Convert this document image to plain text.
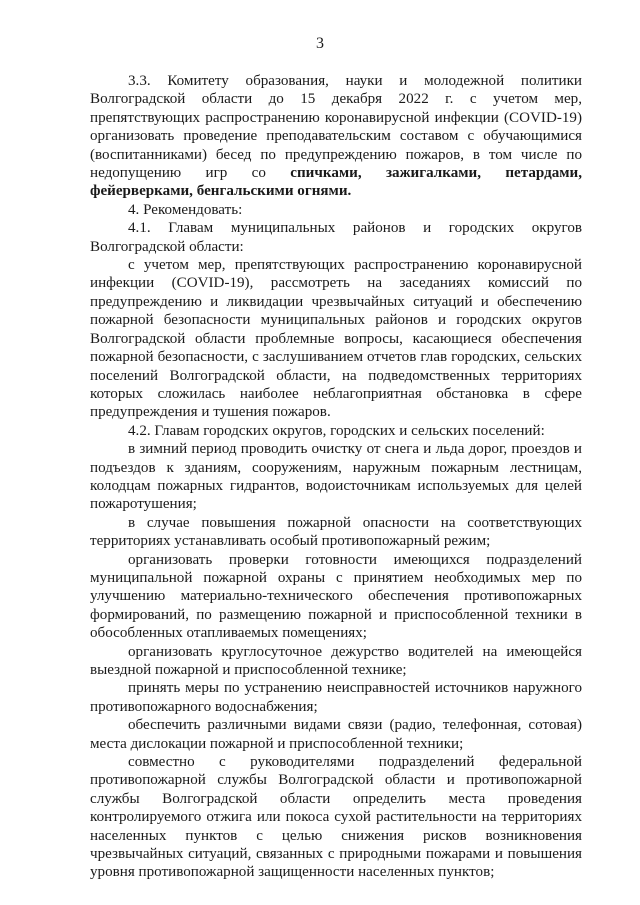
3

3.3. Комитету образования, науки и молодежной политики Волгоградской области до 15 декабря 2022 г. с учетом мер, препятствующих распространению коронавирусной инфекции (COVID-19) организовать проведение преподавательским составом с обучающимися (воспитанниками) бесед по предупреждению пожаров, в том числе по недопущению игр со спичками, зажигалками, петардами, фейерверками, бенгальскими огнями.

4. Рекомендовать:

4.1. Главам муниципальных районов и городских округов Волгоградской области:

с учетом мер, препятствующих распространению коронавирусной инфекции (COVID-19), рассмотреть на заседаниях комиссий по предупреждению и ликвидации чрезвычайных ситуаций и обеспечению пожарной безопасности муниципальных районов и городских округов Волгоградской области проблемные вопросы, касающиеся обеспечения пожарной безопасности, с заслушиванием отчетов глав городских, сельских поселений Волгоградской области, на подведомственных территориях которых сложилась наиболее неблагоприятная обстановка в сфере предупреждения и тушения пожаров.

4.2. Главам городских округов, городских и сельских поселений:

в зимний период проводить очистку от снега и льда дорог, проездов и подъездов к зданиям, сооружениям, наружным пожарным лестницам, колодцам пожарных гидрантов, водоисточникам используемых для целей пожаротушения;

в случае повышения пожарной опасности на соответствующих территориях устанавливать особый противопожарный режим;

организовать проверки готовности имеющихся подразделений муниципальной пожарной охраны с принятием необходимых мер по улучшению материально-технического обеспечения противопожарных формирований, по размещению пожарной и приспособленной техники в обособленных отапливаемых помещениях;

организовать круглосуточное дежурство водителей на имеющейся выездной пожарной и приспособленной технике;

принять меры по устранению неисправностей источников наружного противопожарного водоснабжения;

обеспечить различными видами связи (радио, телефонная, сотовая) места дислокации пожарной и приспособленной техники;

совместно с руководителями подразделений федеральной противопожарной службы Волгоградской области и противопожарной службы Волгоградской области определить места проведения контролируемого отжига или покоса сухой растительности на территориях населенных пунктов с целью снижения рисков возникновения чрезвычайных ситуаций, связанных с природными пожарами и повышения уровня противопожарной защищенности населенных пунктов;
